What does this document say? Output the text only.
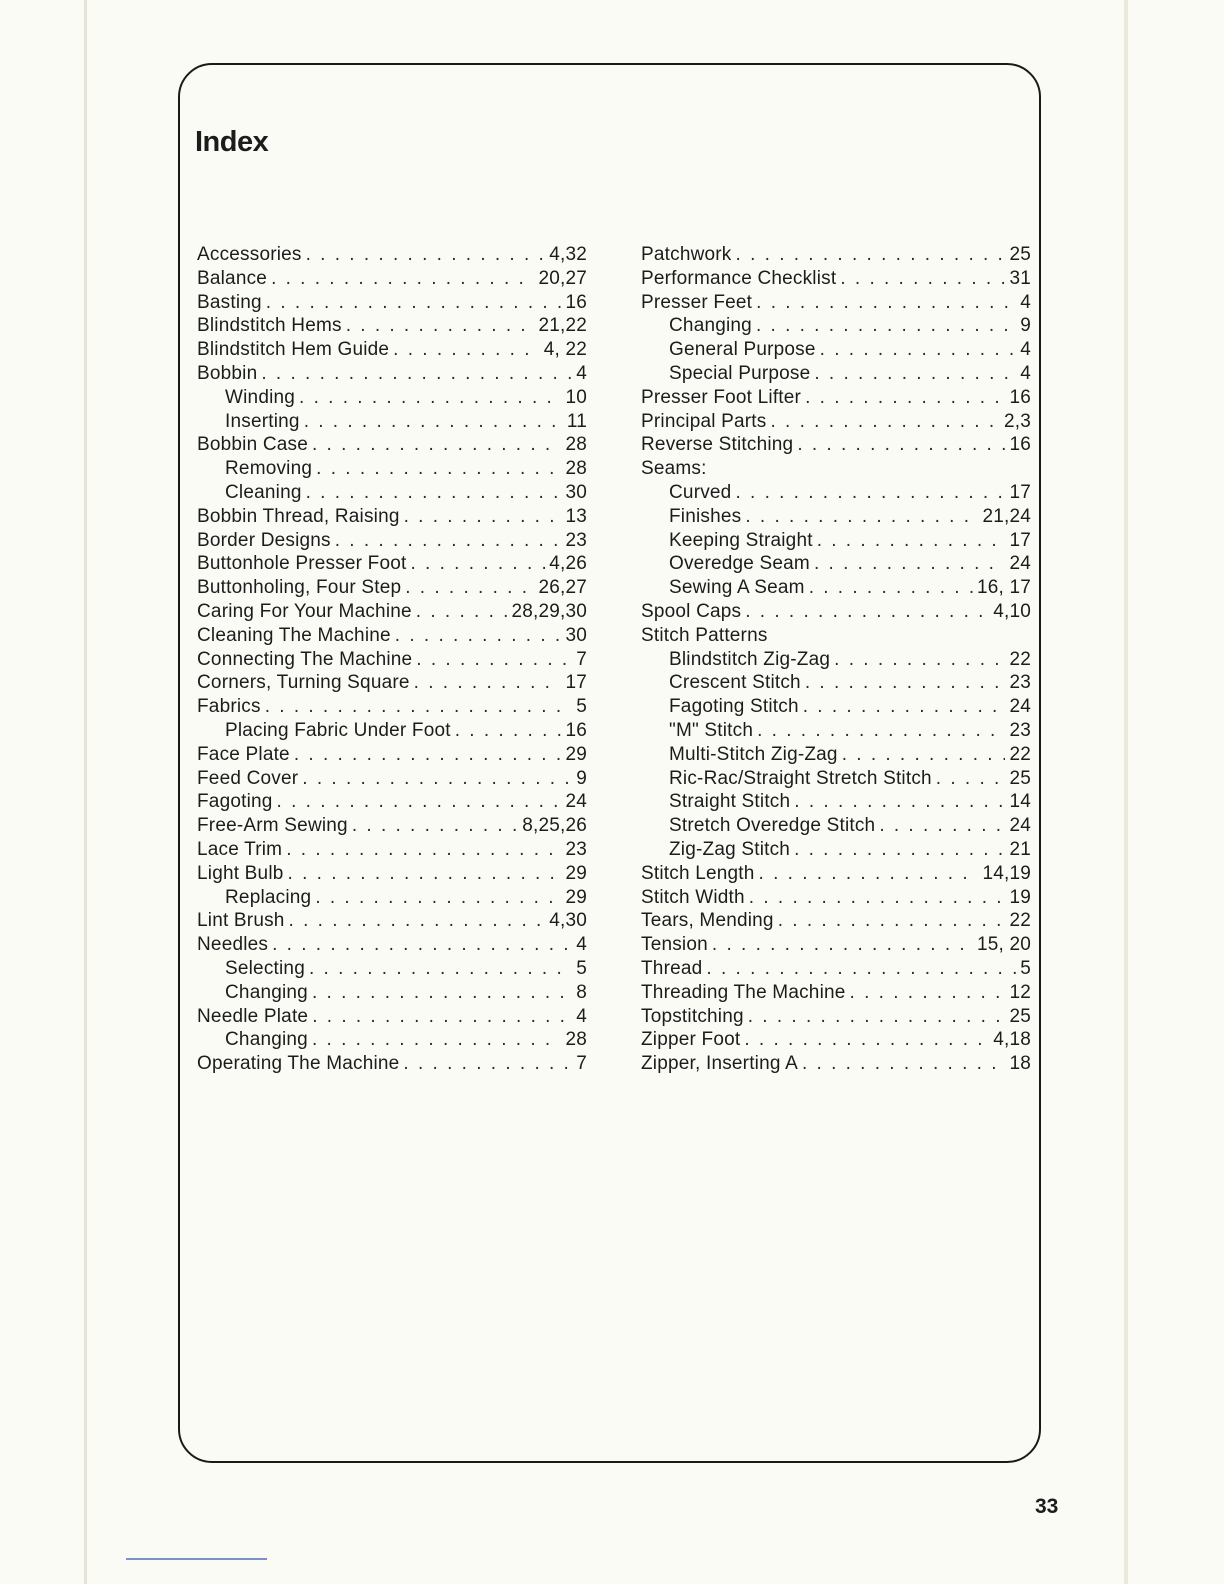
Index
Accessories . . .	4,32
Balance . . .	20,27
Basting . . .	16
Blindstitch Hems . . .	21,22
Blindstitch Hem Guide . . .	4, 22
Bobbin . . .	4
Winding . . .	10
Inserting . . .	11
Bobbin Case . . .	28
Removing . . .	28
Cleaning . . .	30
Bobbin Thread, Raising . . .	13
Border Designs . . .	23
Buttonhole Presser Foot . . .	4,26
Buttonholing, Four Step . . .	26,27
Caring For Your Machine . . .	28,29,30
Cleaning The Machine . . .	30
Connecting The Machine . . .	7
Corners, Turning Square . . .	17
Fabrics . . .	5
Placing Fabric Under Foot . . .	16
Face Plate . . .	29
Feed Cover . . .	9
Fagoting . . .	24
Free-Arm Sewing . . .	8,25,26
Lace Trim . . .	23
Light Bulb . . .	29
Replacing . . .	29
Lint Brush . . .	4,30
Needles . . .	4
Selecting . . .	5
Changing . . .	8
Needle Plate . . .	4
Changing . . .	28
Operating The Machine . . .	7
Patchwork . . .	25
Performance Checklist . . .	31
Presser Feet . . .	4
Changing . . .	9
General Purpose . . .	4
Special Purpose . . .	4
Presser Foot Lifter . . .	16
Principal Parts . . .	2,3
Reverse Stitching . . .	16
Seams:
Curved . . .	17
Finishes . . .	21,24
Keeping Straight . . .	17
Overedge Seam . . .	24
Sewing A Seam . . .	16, 17
Spool Caps . . .	4,10
Stitch Patterns
Blindstitch Zig-Zag . . .	22
Crescent Stitch . . .	23
Fagoting Stitch . . .	24
"M" Stitch . . .	23
Multi-Stitch Zig-Zag . . .	22
Ric-Rac/Straight Stretch Stitch . . .	25
Straight Stitch . . .	14
Stretch Overedge Stitch . . .	24
Zig-Zag Stitch . . .	21
Stitch Length . . .	14,19
Stitch Width . . .	19
Tears, Mending . . .	22
Tension . . .	15, 20
Thread . . .	5
Threading The Machine . . .	12
Topstitching . . .	25
Zipper Foot . . .	4,18
Zipper, Inserting A . . .	18

33
